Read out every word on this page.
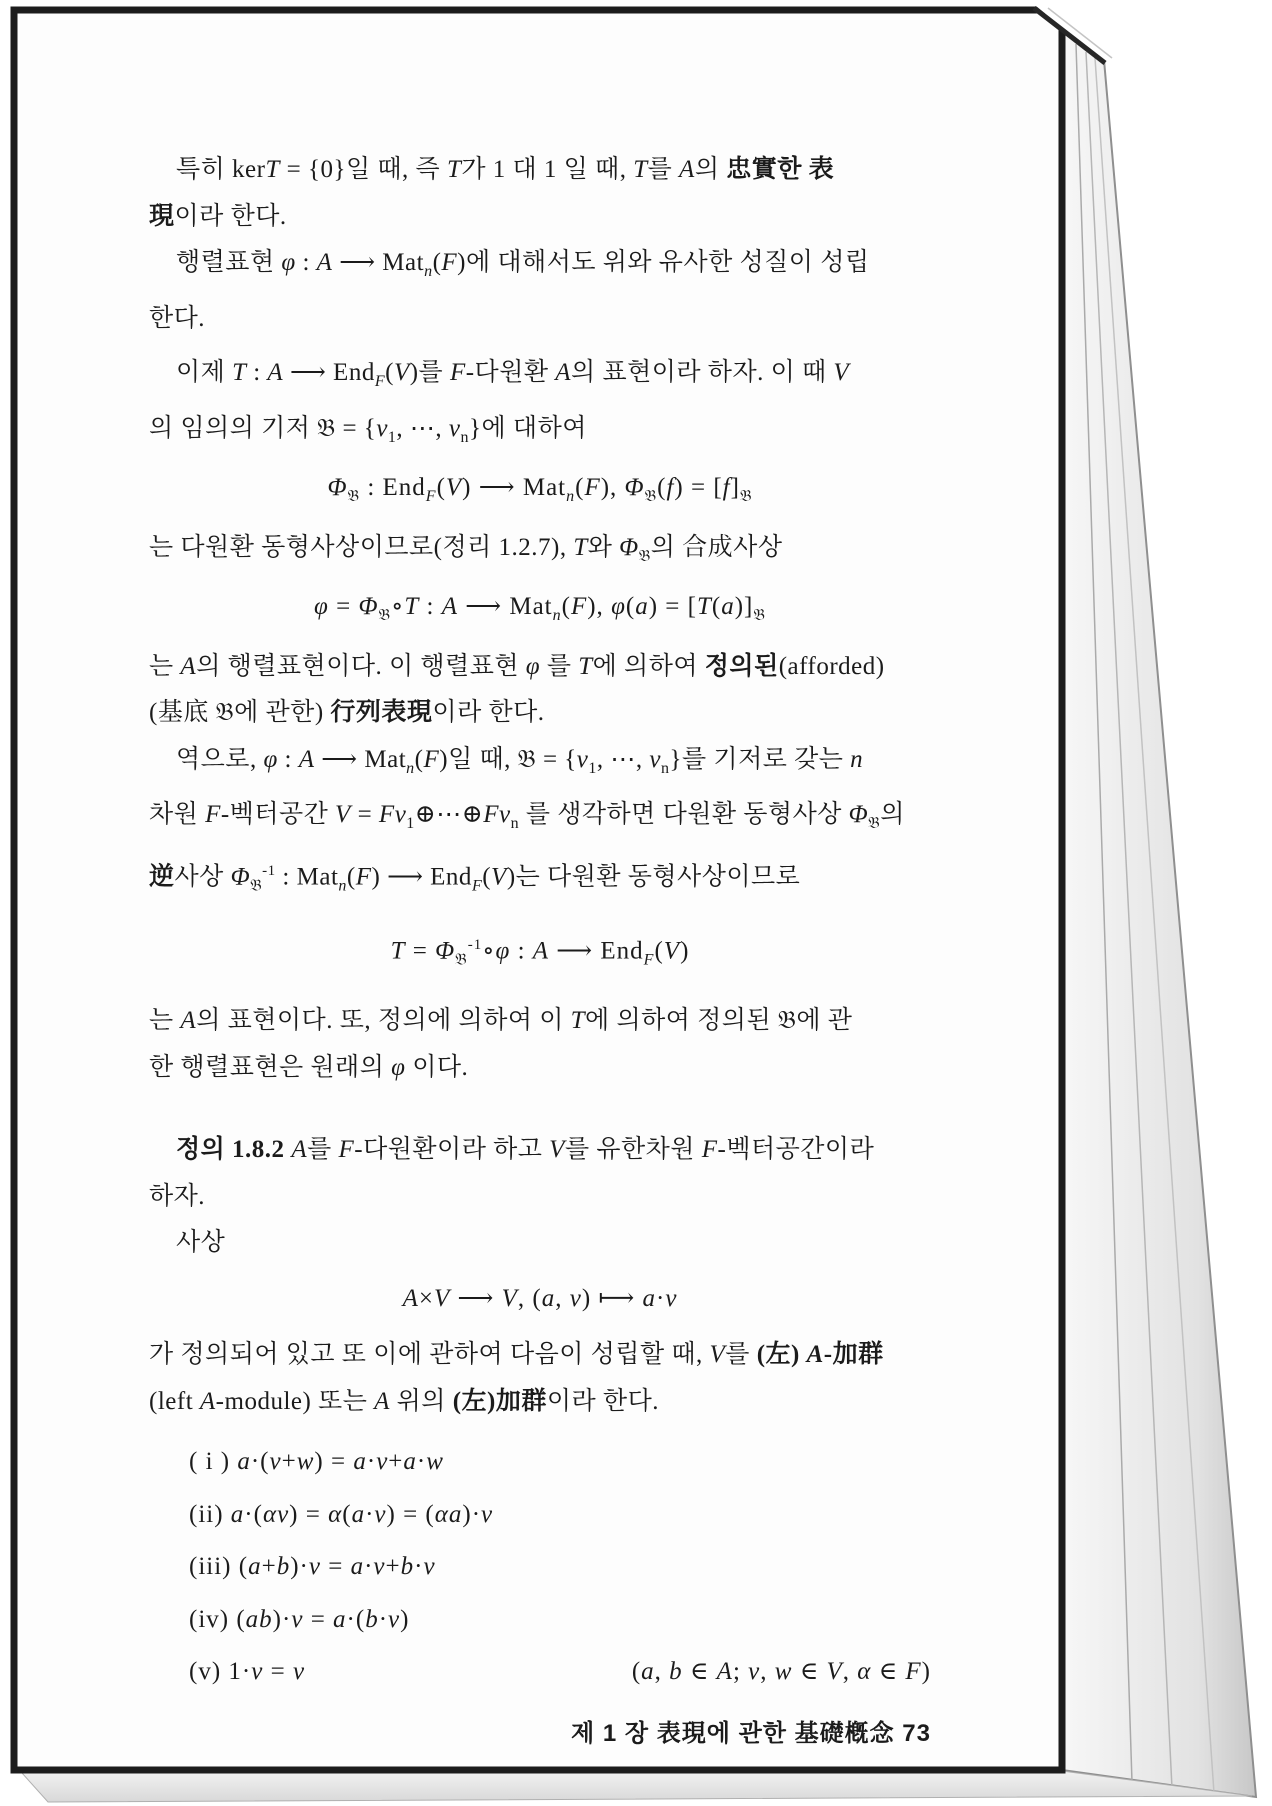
특히 kerT = {0}일 때, 즉 T가 1 대 1 일 때, T를 A의 忠實한 表
現이라 한다.
행렬표현 φ : A ⟶ Mat$_n$(F)에 대해서도 위와 유사한 성질이 성립
한다.
이제 T : A ⟶ End$_F$(V)를 F-다원환 A의 표현이라 하자. 이 때 V
의 임의의 기저 𝔅 = {$v_1$, ⋯, $v_n$}에 대하여
$\Phi_𝔅$ : End$_F$(V) ⟶ Mat$_n$(F), $\Phi_𝔅(f) = [f]_𝔅$
는 다원환 동형사상이므로(정리 1.2.7), T와 $\Phi_𝔅$의 合成사상
$\varphi = \Phi_𝔅\circ T$ : A ⟶ Mat$_n$(F), $\varphi(a) = [T(a)]_𝔅$
는 A의 행렬표현이다. 이 행렬표현 φ 를 T에 의하여 정의된(afforded)
(基底 𝔅에 관한) 行列表現이라 한다.
역으로, φ : A ⟶ Mat$_n$(F)일 때, 𝔅 = {$v_1$, ⋯, $v_n$}를 기저로 갖는 n
차원 F-벡터공간 $V = Fv_1\oplus\cdots\oplus Fv_n$ 를 생각하면 다원환 동형사상 $\Phi_𝔅$의
逆사상 $\Phi_𝔅^{-1}$ : Mat$_n$(F) ⟶ End$_F$(V)는 다원환 동형사상이므로
$T = \Phi_𝔅^{-1}\circ\varphi$ : A ⟶ End$_F$(V)
는 A의 표현이다. 또, 정의에 의하여 이 T에 의하여 정의된 𝔅에 관
한 행렬표현은 원래의 φ 이다.
정의 1.8.2 A를 F-다원환이라 하고 V를 유한차원 F-벡터공간이라
하자.
사상
A×V ⟶ V, (a, v) ⟼ a·v
가 정의되어 있고 또 이에 관하여 다음이 성립할 때, V를 (左) A-加群
(left A-module) 또는 A 위의 (左)加群이라 한다.
( i ) a·(v+w) = a·v+a·w
(ii) a·(αv) = α(a·v) = (αa)·v
(iii) (a+b)·v = a·v+b·v
(iv) (ab)·v = a·(b·v)
(v) 1·v = v	(a, b ∈ A; v, w ∈ V, α ∈ F)
제 1 장 表現에 관한 基礎槪念 73
